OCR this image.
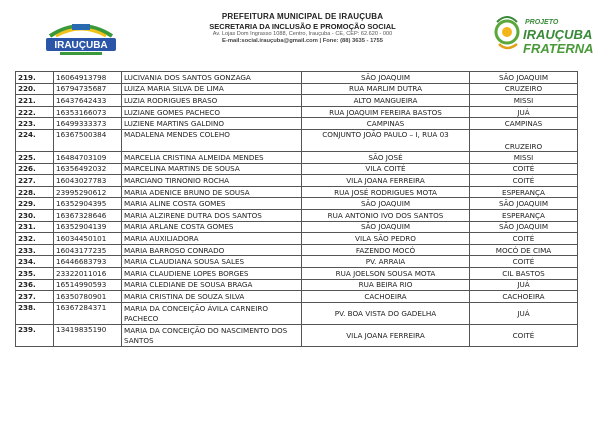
IRAUÇUBA
PREFEITURA MUNICIPAL DE IRAUÇUBA
SECRETARIA DA INCLUSÃO E PROMOÇÃO SOCIAL
Av. Lojas Dom Ingrasso 1088, Centro, Irauçuba - CE, CEP: 62.620 - 000
E-mail:social.irauçuba@gmail.com | Fone: (88) 3635 - 1755
PROJETO
IRAUÇUBA
FRATERNA
219.	16064913798	LUCIVANIA DOS SANTOS GONZAGA	SÃO JOAQUIM	SÃO JOAQUIM
220.	16794735687	LUIZA MARIA SILVA DE LIMA	RUA MARLIM DUTRA	CRUZEIRO
221.	16437642433	LUZIA RODRIGUES BRASO	ALTO MANGUEIRA	MISSI
222.	16353166073	LUZIANE GOMES PACHECO	RUA JOAQUIM FEREIRA BASTOS	JUÁ
223.	16499333373	LUZIENE MARTINS GALDINO	CAMPINAS	CAMPINAS
224.	16367500384	MADALENA MENDES COLEHO	CONJUNTO JOÃO PAULO – I, RUA 03	CRUZEIRO
225.	16484703109	MARCELIA CRISTINA ALMEIDA MENDES	SÃO JOSÉ	MISSI
226.	16356492032	MARCELINA MARTINS DE SOUSA	VILA COITÉ	COITÉ
227.	16043027783	MARCIANO TIRNONIO ROCHA	VILA JOANA FERREIRA	COITÉ
228.	23995290612	MARIA ADENICE BRUNO DE SOUSA	RUA JOSÉ RODRIGUES MOTA	ESPERANÇA
229.	16352904395	MARIA ALINE COSTA GOMES	SÃO JOAQUIM	SÃO JOAQUIM
230.	16367328646	MARIA ALZIRENE DUTRA DOS SANTOS	RUA ANTONIO IVO DOS SANTOS	ESPERANÇA
231.	16352904139	MARIA ARLANE COSTA GOMES	SÃO JOAQUIM	SÃO JOAQUIM
232.	16034450101	MARIA AUXILIADORA	VILA SÃO PEDRO	COITÉ
233.	16043177235	MARIA BARROSO CONRADO	FAZENDO MOCÓ	MOCÓ DE CIMA
234.	16446683793	MARIA CLAUDIANA SOUSA SALES	PV. ARRAIA	COITÉ
235.	23322011016	MARIA CLAUDIENE LOPES BORGES	RUA JOELSON SOUSA MOTA	CIL BASTOS
236.	16514990593	MARIA CLEDIANE DE SOUSA BRAGA	RUA BEIRA RIO	JUÁ
237.	16350780901	MARIA CRISTINA DE SOUZA SILVA	CACHOEIRA	CACHOEIRA
238.	16367284371	MARIA DA CONCEIÇÃO ÁVILA CARNEIRO PACHECO	PV. BOA VISTA DO GADELHA	JUÁ
239.	13419835190	MARIA DA CONCEIÇÃO DO NASCIMENTO DOS SANTOS	VILA JOANA FERREIRA	COITÉ
